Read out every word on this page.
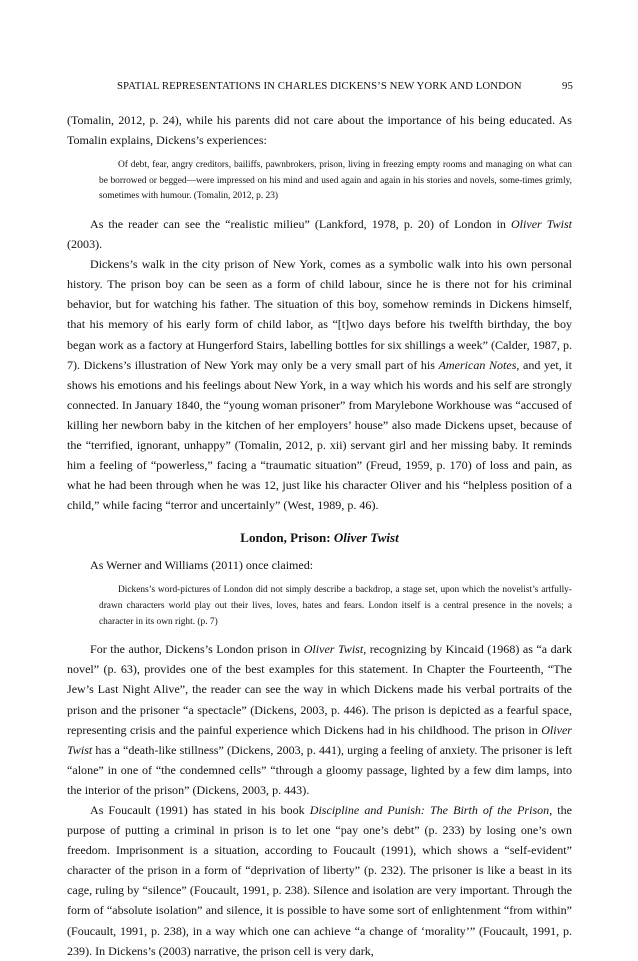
SPATIAL REPRESENTATIONS IN CHARLES DICKENS’S NEW YORK AND LONDON	95

(Tomalin, 2012, p. 24), while his parents did not care about the importance of his being educated. As Tomalin explains, Dickens’s experiences:

Of debt, fear, angry creditors, bailiffs, pawnbrokers, prison, living in freezing empty rooms and managing on what can be borrowed or begged—were impressed on his mind and used again and again in his stories and novels, some-times grimly, sometimes with humour. (Tomalin, 2012, p. 23)

As the reader can see the “realistic milieu” (Lankford, 1978, p. 20) of London in Oliver Twist (2003).

Dickens’s walk in the city prison of New York, comes as a symbolic walk into his own personal history. The prison boy can be seen as a form of child labour, since he is there not for his criminal behavior, but for watching his father. The situation of this boy, somehow reminds in Dickens himself, that his memory of his early form of child labor, as “[t]wo days before his twelfth birthday, the boy began work as a factory at Hungerford Stairs, labelling bottles for six shillings a week” (Calder, 1987, p. 7). Dickens’s illustration of New York may only be a very small part of his American Notes, and yet, it shows his emotions and his feelings about New York, in a way which his words and his self are strongly connected. In January 1840, the “young woman prisoner” from Marylebone Workhouse was “accused of killing her newborn baby in the kitchen of her employers’ house” also made Dickens upset, because of the “terrified, ignorant, unhappy” (Tomalin, 2012, p. xii) servant girl and her missing baby. It reminds him a feeling of “powerless,” facing a “traumatic situation” (Freud, 1959, p. 170) of loss and pain, as what he had been through when he was 12, just like his character Oliver and his “helpless position of a child,” while facing “terror and uncertainly” (West, 1989, p. 46).

London, Prison: Oliver Twist

As Werner and Williams (2011) once claimed:

Dickens’s word-pictures of London did not simply describe a backdrop, a stage set, upon which the novelist’s artfully-drawn characters world play out their lives, loves, hates and fears. London itself is a central presence in the novels; a character in its own right. (p. 7)

For the author, Dickens’s London prison in Oliver Twist, recognizing by Kincaid (1968) as “a dark novel” (p. 63), provides one of the best examples for this statement. In Chapter the Fourteenth, “The Jew’s Last Night Alive”, the reader can see the way in which Dickens made his verbal portraits of the prison and the prisoner “a spectacle” (Dickens, 2003, p. 446). The prison is depicted as a fearful space, representing crisis and the painful experience which Dickens had in his childhood. The prison in Oliver Twist has a “death-like stillness” (Dickens, 2003, p. 441), urging a feeling of anxiety. The prisoner is left “alone” in one of “the condemned cells” “through a gloomy passage, lighted by a few dim lamps, into the interior of the prison” (Dickens, 2003, p. 443).

As Foucault (1991) has stated in his book Discipline and Punish: The Birth of the Prison, the purpose of putting a criminal in prison is to let one “pay one’s debt” (p. 233) by losing one’s own freedom. Imprisonment is a situation, according to Foucault (1991), which shows a “self-evident” character of the prison in a form of “deprivation of liberty” (p. 232). The prisoner is like a beast in its cage, ruling by “silence” (Foucault, 1991, p. 238). Silence and isolation are very important. Through the form of “absolute isolation” and silence, it is possible to have some sort of enlightenment “from within” (Foucault, 1991, p. 238), in a way which one can achieve “a change of ‘morality’” (Foucault, 1991, p. 239). In Dickens’s (2003) narrative, the prison cell is very dark,
